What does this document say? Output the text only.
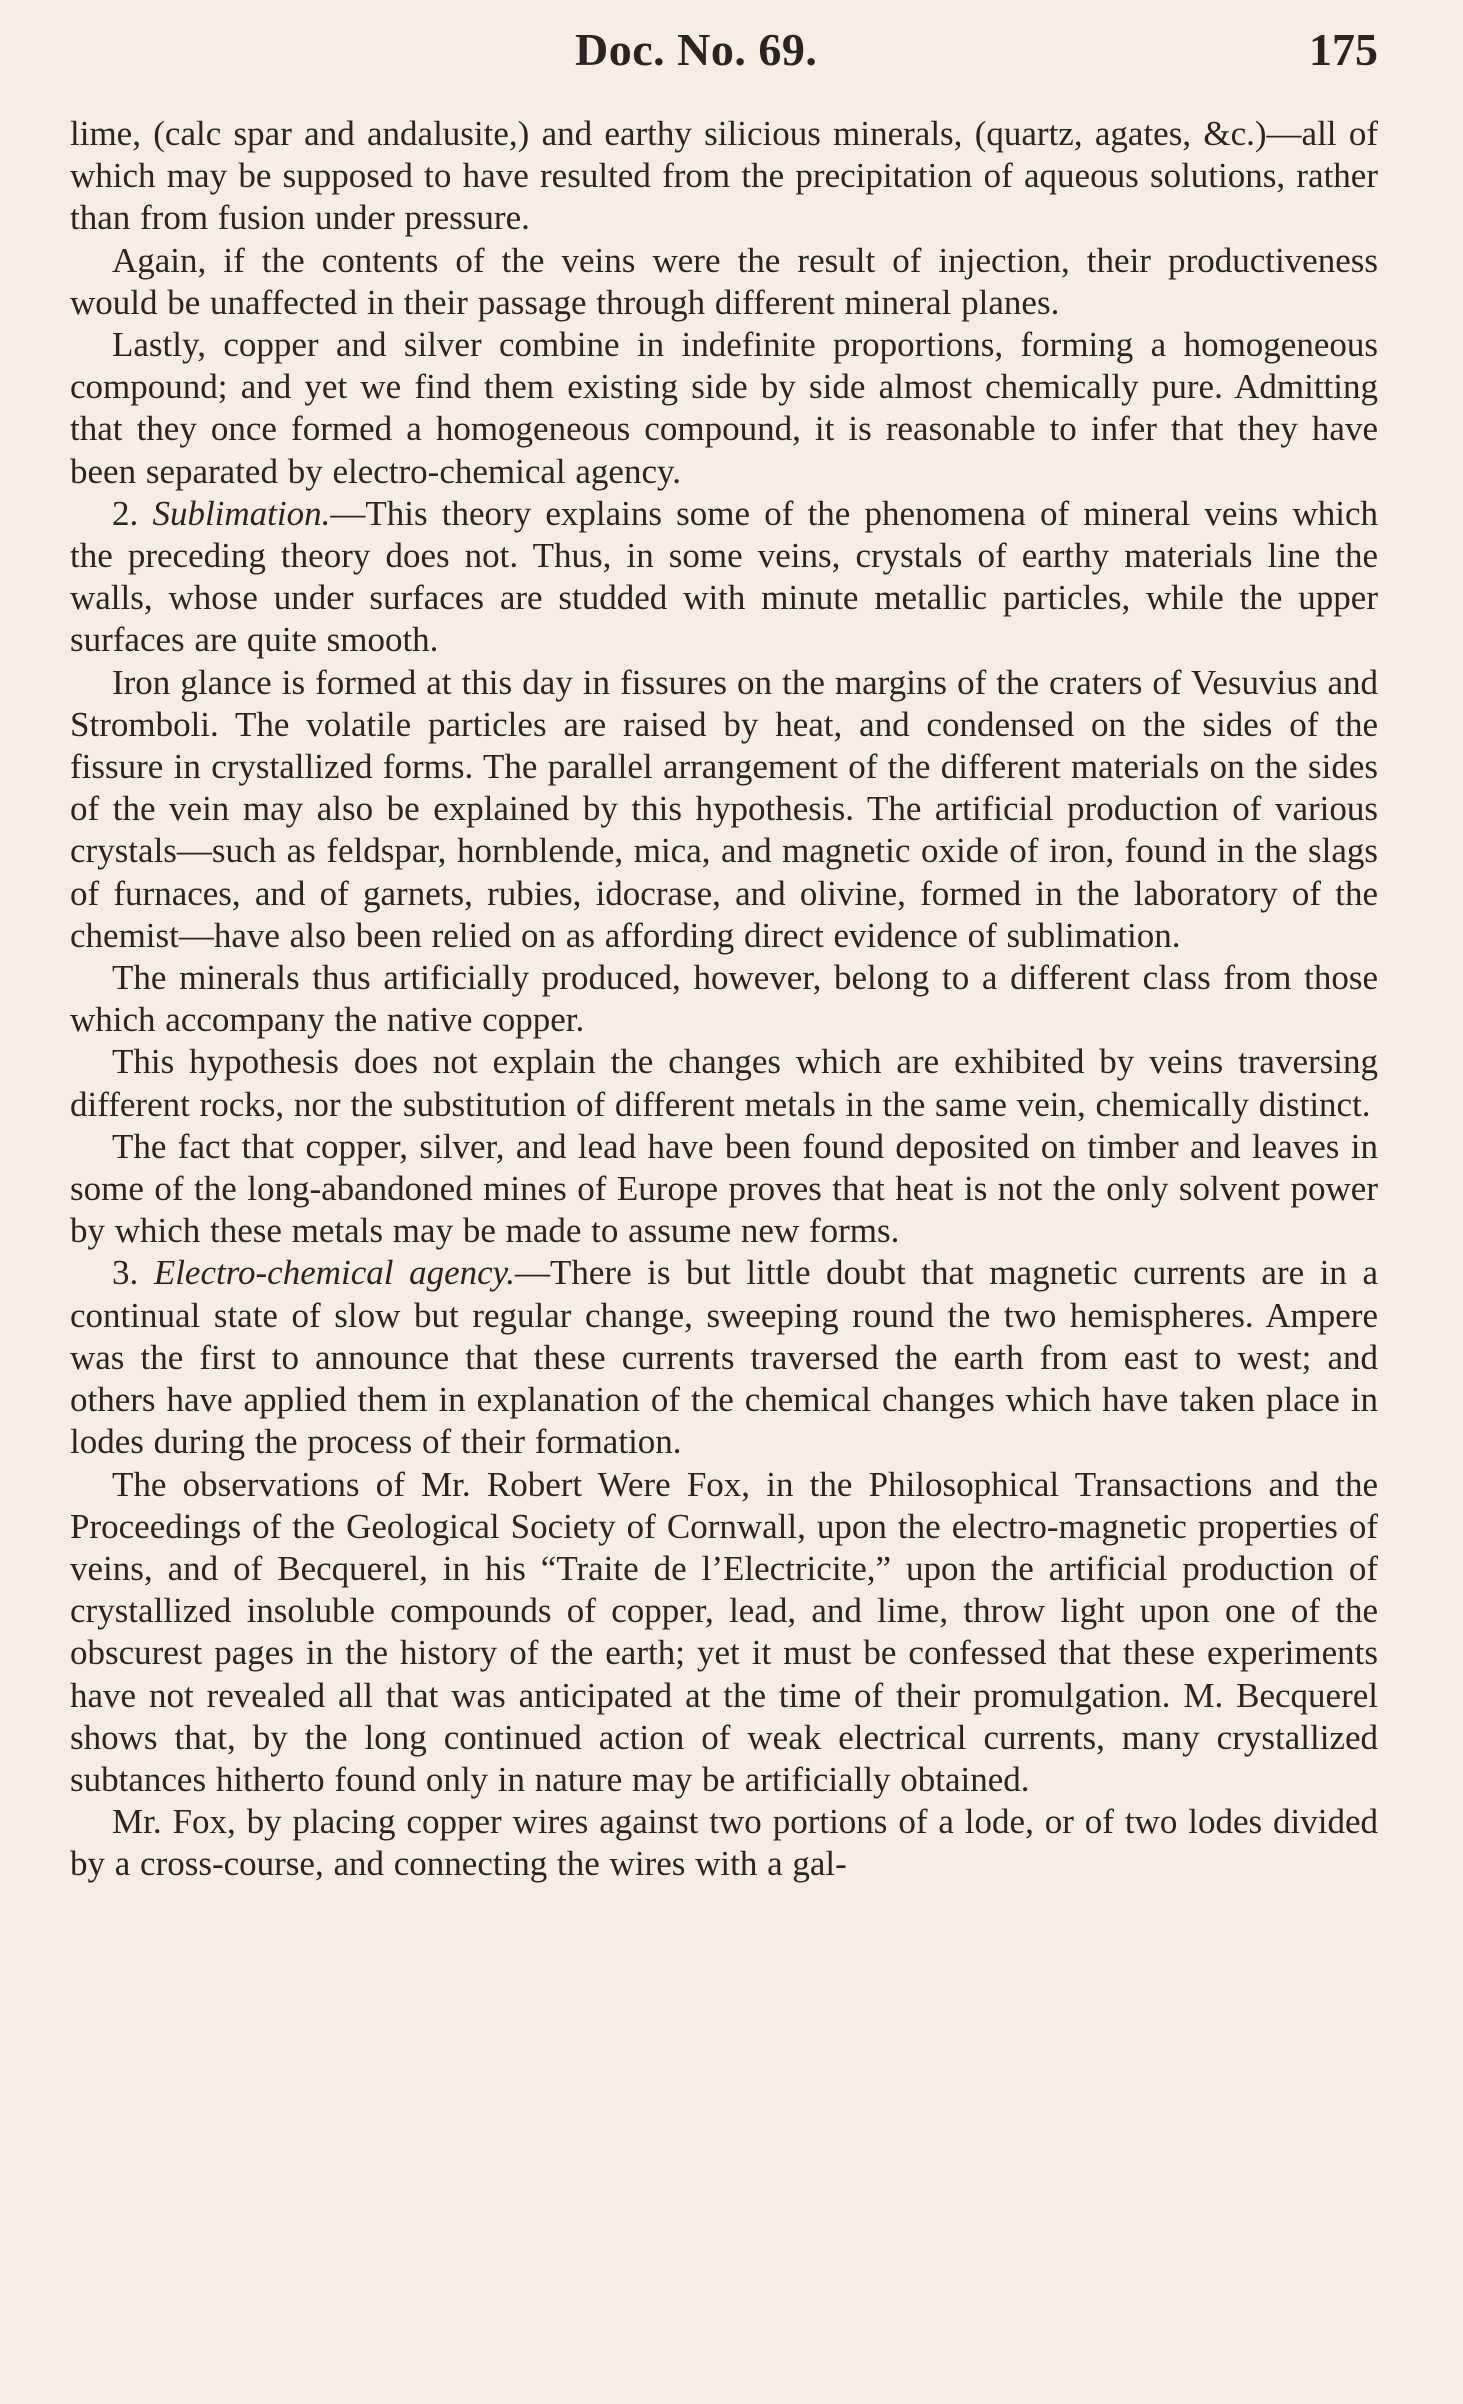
Doc. No. 69.	175

lime, (calc spar and andalusite,) and earthy silicious minerals, (quartz, agates, &c.)—all of which may be supposed to have resulted from the precipitation of aqueous solutions, rather than from fusion under pressure.

Again, if the contents of the veins were the result of injection, their productiveness would be unaffected in their passage through different mineral planes.

Lastly, copper and silver combine in indefinite proportions, forming a homogeneous compound; and yet we find them existing side by side almost chemically pure. Admitting that they once formed a homogeneous compound, it is reasonable to infer that they have been separated by electro-chemical agency.

2. Sublimation.—This theory explains some of the phenomena of mineral veins which the preceding theory does not. Thus, in some veins, crystals of earthy materials line the walls, whose under surfaces are studded with minute metallic particles, while the upper surfaces are quite smooth.

Iron glance is formed at this day in fissures on the margins of the craters of Vesuvius and Stromboli. The volatile particles are raised by heat, and condensed on the sides of the fissure in crystallized forms. The parallel arrangement of the different materials on the sides of the vein may also be explained by this hypothesis. The artificial production of various crystals—such as feldspar, hornblende, mica, and magnetic oxide of iron, found in the slags of furnaces, and of garnets, rubies, idocrase, and olivine, formed in the laboratory of the chemist—have also been relied on as affording direct evidence of sublimation.

The minerals thus artificially produced, however, belong to a different class from those which accompany the native copper.

This hypothesis does not explain the changes which are exhibited by veins traversing different rocks, nor the substitution of different metals in the same vein, chemically distinct.

The fact that copper, silver, and lead have been found deposited on timber and leaves in some of the long-abandoned mines of Europe proves that heat is not the only solvent power by which these metals may be made to assume new forms.

3. Electro-chemical agency.—There is but little doubt that magnetic currents are in a continual state of slow but regular change, sweeping round the two hemispheres. Ampere was the first to announce that these currents traversed the earth from east to west; and others have applied them in explanation of the chemical changes which have taken place in lodes during the process of their formation.

The observations of Mr. Robert Were Fox, in the Philosophical Transactions and the Proceedings of the Geological Society of Cornwall, upon the electro-magnetic properties of veins, and of Becquerel, in his “Traite de l’Electricite,” upon the artificial production of crystallized insoluble compounds of copper, lead, and lime, throw light upon one of the obscurest pages in the history of the earth; yet it must be confessed that these experiments have not revealed all that was anticipated at the time of their promulgation. M. Becquerel shows that, by the long continued action of weak electrical currents, many crystallized subtances hitherto found only in nature may be artificially obtained.

Mr. Fox, by placing copper wires against two portions of a lode, or of two lodes divided by a cross-course, and connecting the wires with a gal-
